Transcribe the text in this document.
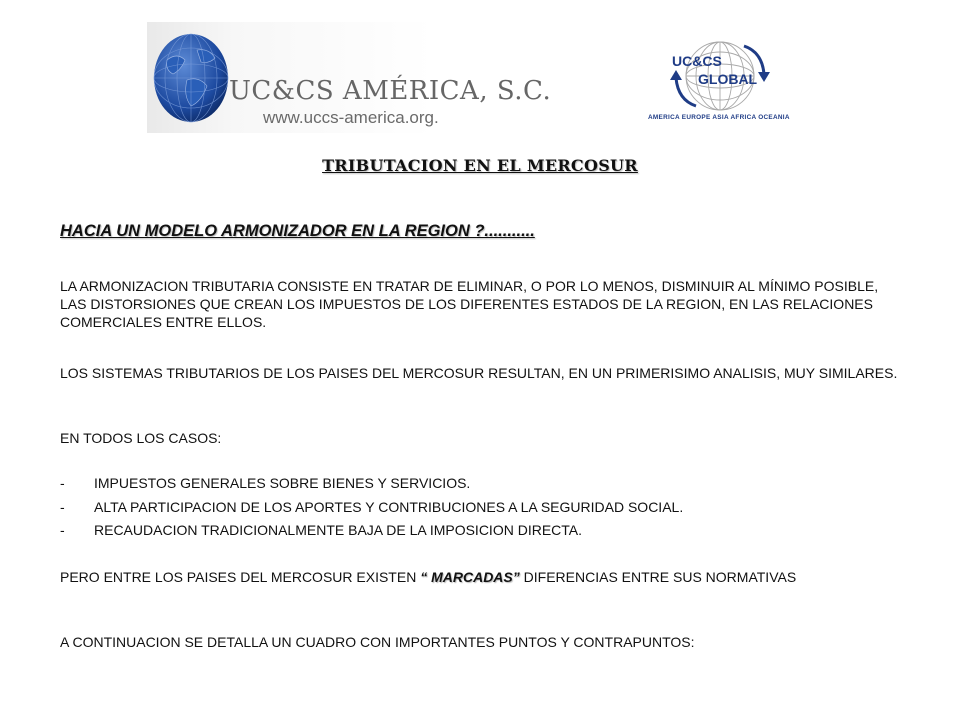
UC&CS AMÉRICA, S.C.
www.uccs-america.org.
UC&CS
GLOBAL
AMERICA EUROPE ASIA AFRICA OCEANIA
TRIBUTACION EN EL MERCOSUR
HACIA UN MODELO ARMONIZADOR EN LA REGION ?...........
LA ARMONIZACION TRIBUTARIA CONSISTE EN TRATAR DE ELIMINAR, O POR LO MENOS, DISMINUIR AL MÍNIMO POSIBLE, LAS DISTORSIONES QUE CREAN LOS IMPUESTOS DE LOS DIFERENTES ESTADOS DE LA REGION, EN LAS RELACIONES COMERCIALES ENTRE ELLOS.
LOS SISTEMAS TRIBUTARIOS DE LOS PAISES DEL MERCOSUR RESULTAN, EN UN PRIMERISIMO ANALISIS, MUY SIMILARES.
EN TODOS LOS CASOS:
- IMPUESTOS GENERALES SOBRE BIENES Y SERVICIOS.
- ALTA PARTICIPACION DE LOS APORTES Y CONTRIBUCIONES A LA SEGURIDAD SOCIAL.
- RECAUDACION TRADICIONALMENTE BAJA DE LA IMPOSICION DIRECTA.
PERO ENTRE LOS PAISES DEL MERCOSUR EXISTEN “ MARCADAS” DIFERENCIAS ENTRE SUS NORMATIVAS
A CONTINUACION SE DETALLA UN CUADRO CON IMPORTANTES PUNTOS Y CONTRAPUNTOS:
